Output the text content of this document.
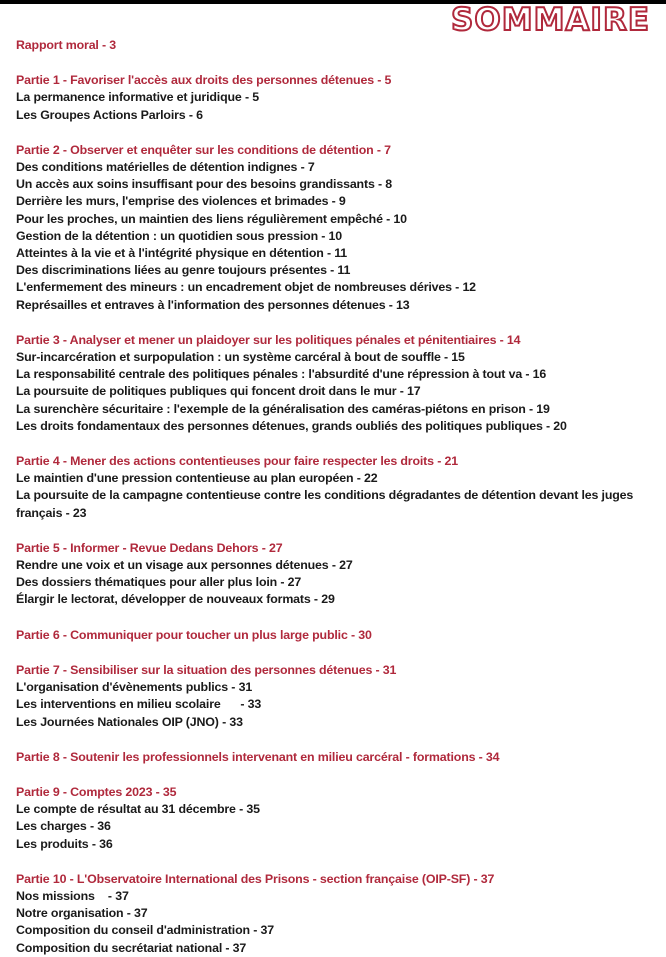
SOMMAIRE
Rapport moral - 3
Partie 1 - Favoriser l'accès aux droits des personnes détenues - 5
La permanence informative et juridique - 5
Les Groupes Actions Parloirs - 6
Partie 2 - Observer et enquêter sur les conditions de détention - 7
Des conditions matérielles de détention indignes - 7
Un accès aux soins insuffisant pour des besoins grandissants - 8
Derrière les murs, l'emprise des violences et brimades - 9
Pour les proches, un maintien des liens régulièrement empêché - 10
Gestion de la détention : un quotidien sous pression - 10
Atteintes à la vie et à l'intégrité physique en détention - 11
Des discriminations liées au genre toujours présentes - 11
L'enfermement des mineurs : un encadrement objet de nombreuses dérives - 12
Représailles et entraves à l'information des personnes détenues - 13
Partie 3 - Analyser et mener un plaidoyer sur les politiques pénales et pénitentiaires - 14
Sur-incarcération et surpopulation : un système carcéral à bout de souffle - 15
La responsabilité centrale des politiques pénales : l'absurdité d'une répression à tout va - 16
La poursuite de politiques publiques qui foncent droit dans le mur - 17
La surenchère sécuritaire : l'exemple de la généralisation des caméras-piétons en prison - 19
Les droits fondamentaux des personnes détenues, grands oubliés des politiques publiques - 20
Partie 4 - Mener des actions contentieuses pour faire respecter les droits - 21
Le maintien d'une pression contentieuse au plan européen - 22
La poursuite de la campagne contentieuse contre les conditions dégradantes de détention devant les juges français - 23
Partie 5 - Informer - Revue Dedans Dehors - 27
Rendre une voix et un visage aux personnes détenues - 27
Des dossiers thématiques pour aller plus loin - 27
Élargir le lectorat, développer de nouveaux formats - 29
Partie 6 - Communiquer pour toucher un plus large public - 30
Partie 7 - Sensibiliser sur la situation des personnes détenues - 31
L'organisation d'évènements publics - 31
Les interventions en milieu scolaire      - 33
Les Journées Nationales OIP (JNO) - 33
Partie 8 - Soutenir les professionnels intervenant en milieu carcéral - formations - 34
Partie 9 - Comptes 2023 - 35
Le compte de résultat au 31 décembre - 35
Les charges - 36
Les produits - 36
Partie 10 - L'Observatoire International des Prisons - section française (OIP-SF) - 37
Nos missions    - 37
Notre organisation - 37
Composition du conseil d'administration - 37
Composition du secrétariat national - 37
